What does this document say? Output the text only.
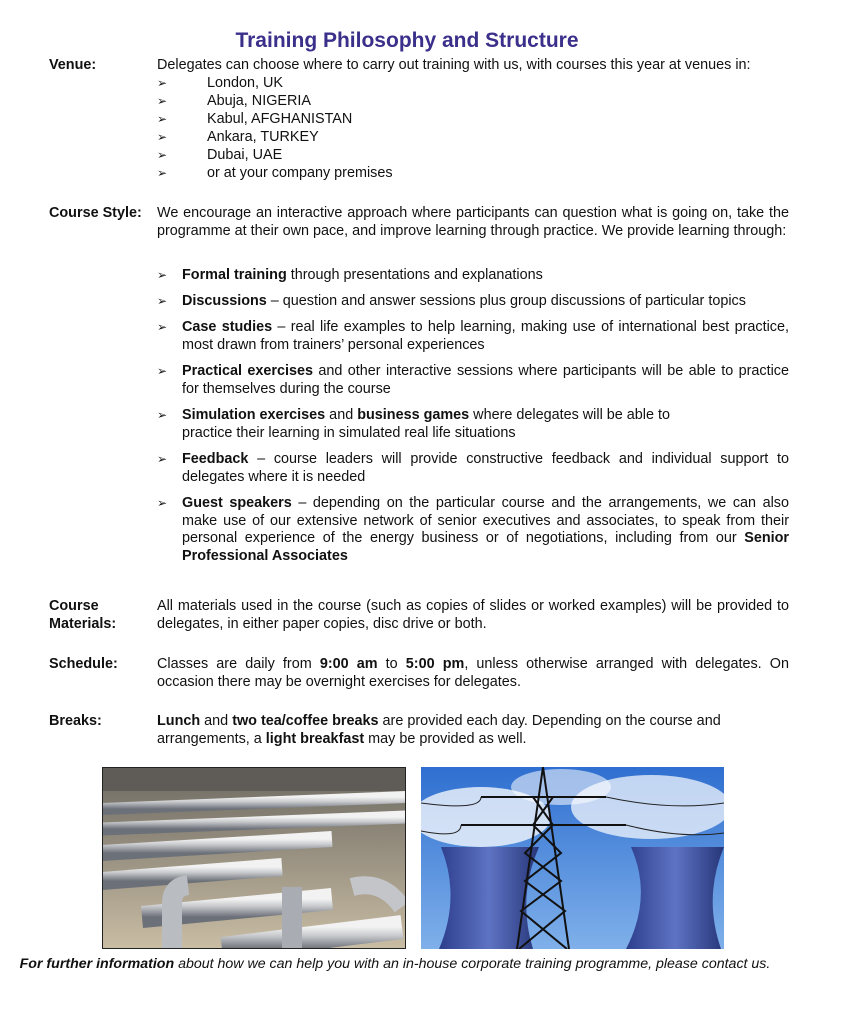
Training Philosophy and Structure
Venue:	Delegates can choose where to carry out training with us, with courses this year at venues in:
➢	London, UK
➢	Abuja, NIGERIA
➢	Kabul, AFGHANISTAN
➢	Ankara, TURKEY
➢	Dubai, UAE
➢	or at your company premises
Course Style:	We encourage an interactive approach where participants can question what is going on, take the programme at their own pace, and improve learning through practice. We provide learning through:
➢ Formal training through presentations and explanations
➢ Discussions – question and answer sessions plus group discussions of particular topics
➢ Case studies – real life examples to help learning, making use of international best practice, most drawn from trainers’ personal experiences
➢ Practical exercises and other interactive sessions where participants will be able to practice for themselves during the course
➢ Simulation exercises and business games where delegates will be able to practice their learning in simulated real life situations
➢ Feedback – course leaders will provide constructive feedback and individual support to delegates where it is needed
➢ Guest speakers – depending on the particular course and the arrangements, we can also make use of our extensive network of senior executives and associates, to speak from their personal experience of the energy business or of negotiations, including from our Senior Professional Associates
Course
Materials:
All materials used in the course (such as copies of slides or worked examples) will be provided to delegates, in either paper copies, disc drive or both.
Schedule:	Classes are daily from 9:00 am to 5:00 pm, unless otherwise arranged with delegates. On occasion there may be overnight exercises for delegates.
Breaks:	Lunch and two tea/coffee breaks are provided each day. Depending on the course and arrangements, a light breakfast may be provided as well.
For further information about how we can help you with an in-house corporate training programme, please contact us.
